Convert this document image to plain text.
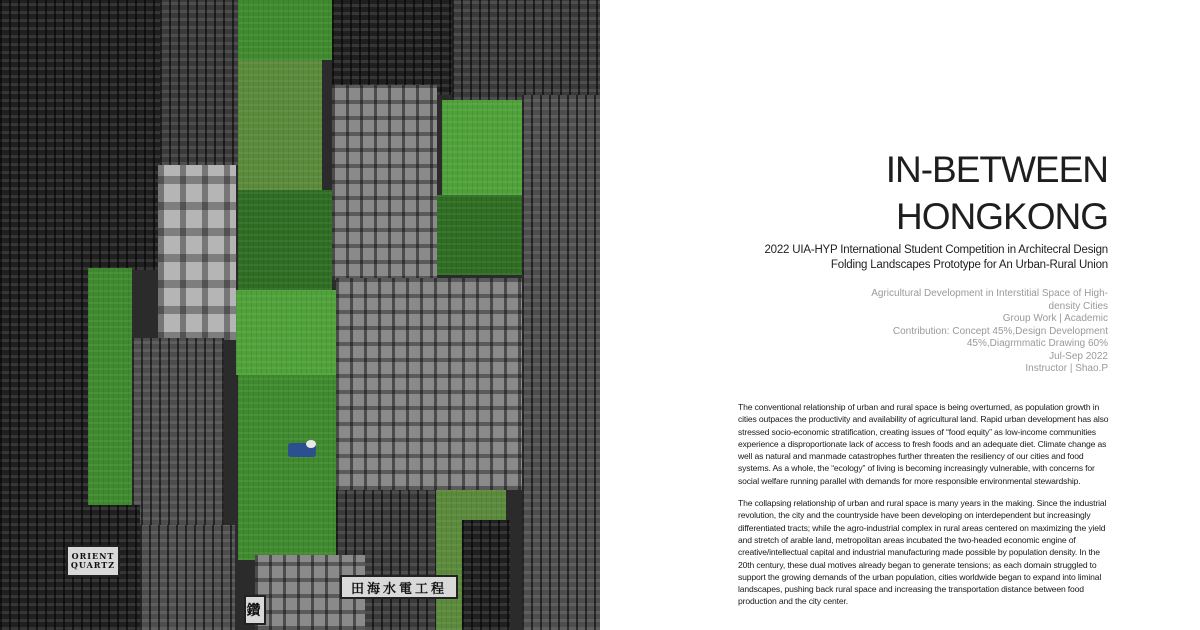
ORIENT QUARTZ
田海水電工程
鑽
IN-BETWEEN
HONGKONG
2022 UIA-HYP International Student Competition in Architecral Design
Folding Landscapes Prototype for An Urban-Rural Union
Agricultural Development in Interstitial Space of High-density Cities
Group Work | Academic
Contribution: Concept 45%,Design Development 45%,Diagrmmatic Drawing 60%
Jul-Sep 2022
Instructor | Shao.P

The conventional relationship of urban and rural space is being overturned, as population growth in cities outpaces the productivity and availability of agricultural land. Rapid urban development has also stressed socio-economic stratification, creating issues of “food equity” as low-income communities experience a disproportionate lack of access to fresh foods and an adequate diet. Climate change as well as natural and manmade catastrophes further threaten the resiliency of our cities and food systems. As a whole, the “ecology” of living is becoming increasingly vulnerable, with concerns for social welfare running parallel with demands for more responsible environmental stewardship.

The collapsing relationship of urban and rural space is many years in the making. Since the industrial revolution, the city and the countryside have been developing on interdependent but increasingly differentiated tracts; while the agro-industrial complex in rural areas centered on maximizing the yield and stretch of arable land, metropolitan areas incubated the two-headed economic engine of creative/intellectual capital and industrial manufacturing made possible by population density. In the 20th century, these dual motives already began to generate tensions; as each domain struggled to support the growing demands of the urban population, cities worldwide began to expand into liminal landscapes, pushing back rural space and increasing the transportation distance between food production and the city center.
